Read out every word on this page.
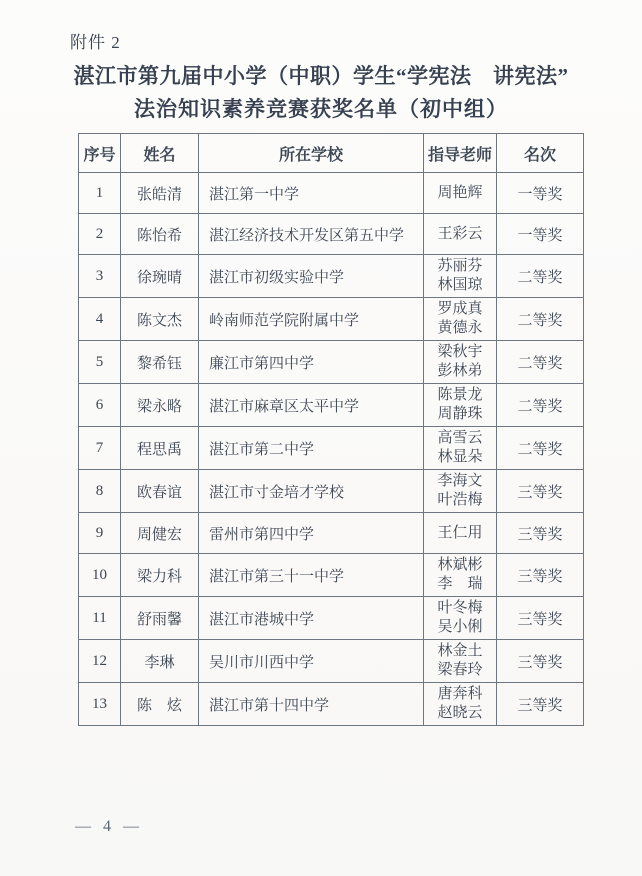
附件 2
湛江市第九届中小学（中职）学生“学宪法　讲宪法”
法治知识素养竞赛获奖名单（初中组）
序号	姓名	所在学校	指导老师	名次
1	张皓清	湛江第一中学	周艳辉	一等奖
2	陈怡希	湛江经济技术开发区第五中学	王彩云	一等奖
3	徐琬晴	湛江市初级实验中学	苏丽芬
林国琼	二等奖
4	陈文杰	岭南师范学院附属中学	罗成真
黄德永	二等奖
5	黎希钰	廉江市第四中学	梁秋宇
彭林弟	二等奖
6	梁永略	湛江市麻章区太平中学	陈景龙
周静珠	二等奖
7	程思禹	湛江市第二中学	高雪云
林显朵	二等奖
8	欧春谊	湛江市寸金培才学校	李海文
叶浩梅	三等奖
9	周健宏	雷州市第四中学	王仁用	三等奖
10	梁力科	湛江市第三十一中学	林斌彬
李　瑞	三等奖
11	舒雨馨	湛江市港城中学	叶冬梅
吴小俐	三等奖
12	李琳	吴川市川西中学	林金土
梁春玲	三等奖
13	陈　炫	湛江市第十四中学	唐奔科
赵晓云	三等奖
— 4 —
